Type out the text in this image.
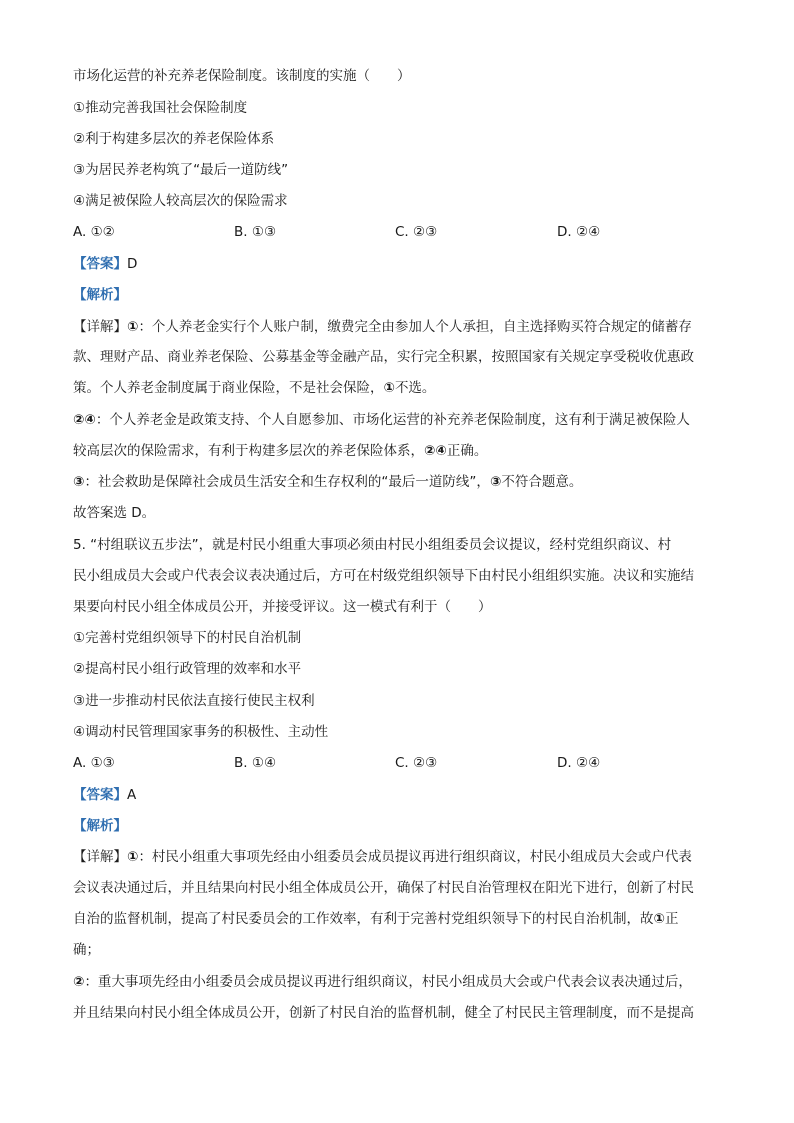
市场化运营的补充养老保险制度。该制度的实施（　　）
①推动完善我国社会保险制度
②利于构建多层次的养老保险体系
③为居民养老构筑了“最后一道防线”
④满足被保险人较高层次的保险需求
A. ①②	B. ①③	C. ②③	D. ②④
【答案】D
【解析】
【详解】①：个人养老金实行个人账户制，缴费完全由参加人个人承担，自主选择购买符合规定的储蓄存
款、理财产品、商业养老保险、公募基金等金融产品，实行完全积累，按照国家有关规定享受税收优惠政
策。个人养老金制度属于商业保险，不是社会保险，①不选。
②④：个人养老金是政策支持、个人自愿参加、市场化运营的补充养老保险制度，这有利于满足被保险人
较高层次的保险需求，有利于构建多层次的养老保险体系，②④正确。
③：社会救助是保障社会成员生活安全和生存权利的“最后一道防线”，③不符合题意。
故答案选 D。
5. “村组联议五步法”，就是村民小组重大事项必须由村民小组组委员会议提议，经村党组织商议、村
民小组成员大会或户代表会议表决通过后，方可在村级党组织领导下由村民小组组织实施。决议和实施结
果要向村民小组全体成员公开，并接受评议。这一模式有利于（　　）
①完善村党组织领导下的村民自治机制
②提高村民小组行政管理的效率和水平
③进一步推动村民依法直接行使民主权利
④调动村民管理国家事务的积极性、主动性
A. ①③	B. ①④	C. ②③	D. ②④
【答案】A
【解析】
【详解】①：村民小组重大事项先经由小组委员会成员提议再进行组织商议，村民小组成员大会或户代表
会议表决通过后，并且结果向村民小组全体成员公开，确保了村民自治管理权在阳光下进行，创新了村民
自治的监督机制，提高了村民委员会的工作效率，有利于完善村党组织领导下的村民自治机制，故①正
确；
②：重大事项先经由小组委员会成员提议再进行组织商议，村民小组成员大会或户代表会议表决通过后，
并且结果向村民小组全体成员公开，创新了村民自治的监督机制，健全了村民民主管理制度，而不是提高
